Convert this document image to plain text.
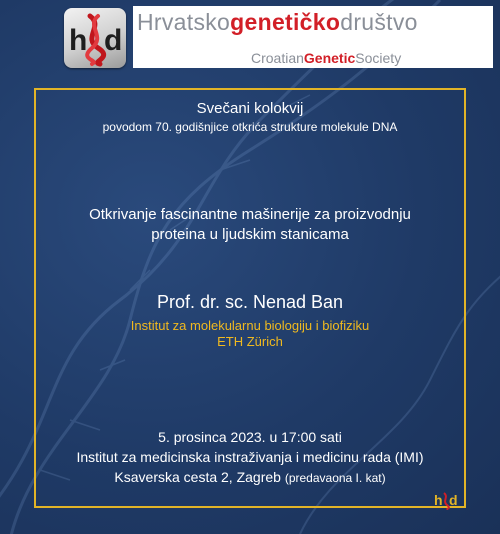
h d
Hrvatskogenetičkodruštvo
CroatianGeneticSociety
Svečani kolokvij
povodom 70. godišnjice otkrića strukture molekule DNA
Otkrivanje fascinantne mašinerije za proizvodnju
proteina u ljudskim stanicama
Prof. dr. sc. Nenad Ban
Institut za molekularnu biologiju i biofiziku
ETH Zürich
5. prosinca 2023. u 17:00 sati
Institut za medicinska instraživanja i medicinu rada (IMI)
Ksaverska cesta 2, Zagreb (predavaona I. kat)
h d
